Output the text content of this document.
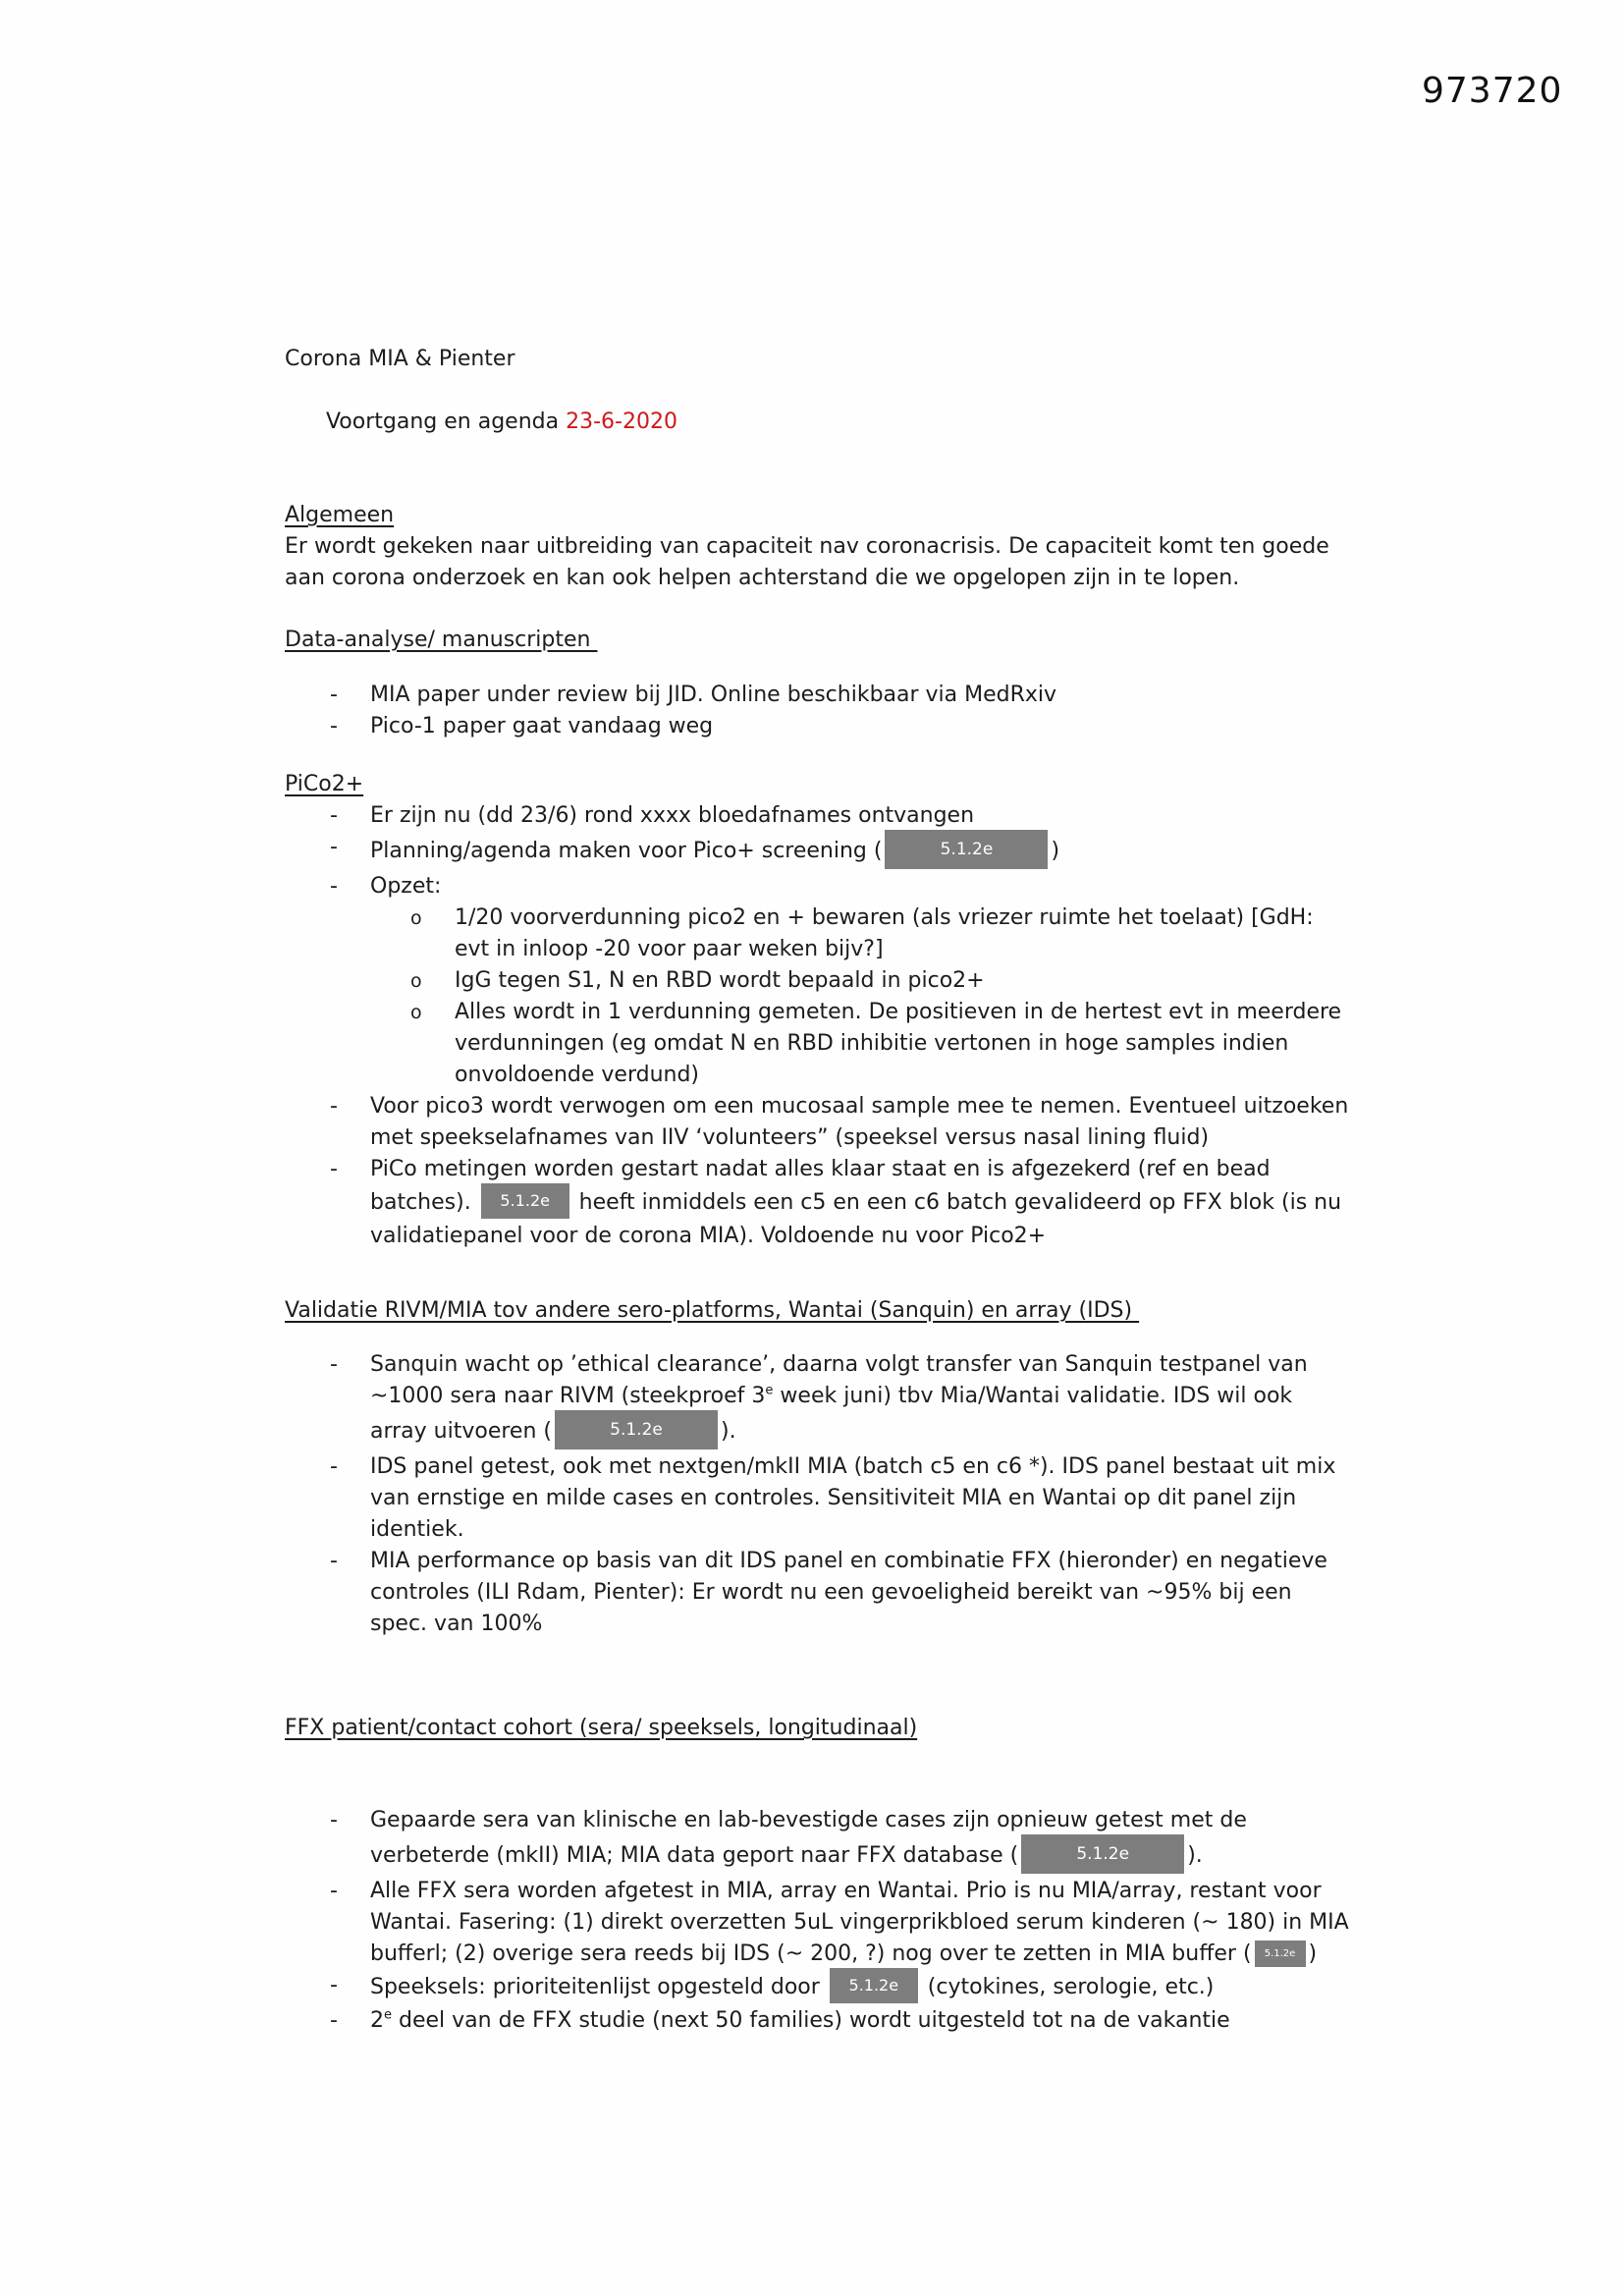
973720
Corona MIA & Pienter

Voortgang en agenda 23-6-2020

Algemeen
Er wordt gekeken naar uitbreiding van capaciteit nav coronacrisis. De capaciteit komt ten goede aan corona onderzoek en kan ook helpen achterstand die we opgelopen zijn in te lopen.
Data-analyse/ manuscripten
- MIA paper under review bij JID. Online beschikbaar via MedRxiv
- Pico-1 paper gaat vandaag weg
PiCo2+
- Er zijn nu (dd 23/6) rond xxxx bloedafnames ontvangen
- Planning/agenda maken voor Pico+ screening (	5.1.2e	)
- Opzet:
o 1/20 voorverdunning pico2 en + bewaren (als vriezer ruimte het toelaat) [GdH: evt in inloop -20 voor paar weken bijv?]
o IgG tegen S1, N en RBD wordt bepaald in pico2+
o Alles wordt in 1 verdunning gemeten. De positieven in de hertest evt in meerdere verdunningen (eg omdat N en RBD inhibitie vertonen in hoge samples indien onvoldoende verdund)
- Voor pico3 wordt verwogen om een mucosaal sample mee te nemen. Eventueel uitzoeken met speekselafnames van IIV ‘volunteers” (speeksel versus nasal lining fluid)
- PiCo metingen worden gestart nadat alles klaar staat en is afgezekerd (ref en bead batches). 5.1.2e heeft inmiddels een c5 en een c6 batch gevalideerd op FFX blok (is nu validatiepanel voor de corona MIA). Voldoende nu voor Pico2+
Validatie RIVM/MIA tov andere sero-platforms, Wantai (Sanquin) en array (IDS)
- Sanquin wacht op ’ethical clearance’, daarna volgt transfer van Sanquin testpanel van ~1000 sera naar RIVM (steekproef 3e week juni) tbv Mia/Wantai validatie. IDS wil ook array uitvoeren (	5.1.2e	).
- IDS panel getest, ook met nextgen/mkII MIA (batch c5 en c6 *). IDS panel bestaat uit mix van ernstige en milde cases en controles. Sensitiviteit MIA en Wantai op dit panel zijn identiek.
- MIA performance op basis van dit IDS panel en combinatie FFX (hieronder) en negatieve controles (ILI Rdam, Pienter): Er wordt nu een gevoeligheid bereikt van ~95% bij een spec. van 100%
FFX patient/contact cohort (sera/ speeksels, longitudinaal)
- Gepaarde sera van klinische en lab-bevestigde cases zijn opnieuw getest met de verbeterde (mkII) MIA; MIA data geport naar FFX database (	5.1.2e	).
- Alle FFX sera worden afgetest in MIA, array en Wantai. Prio is nu MIA/array, restant voor Wantai. Fasering: (1) direkt overzetten 5uL vingerprikbloed serum kinderen (~ 180) in MIA bufferl; (2) overige sera reeds bij IDS (~ 200, ?) nog over te zetten in MIA buffer ( 5.1.2e )
- Speeksels: prioriteitenlijst opgesteld door 5.1.2e (cytokines, serologie, etc.)
- 2e deel van de FFX studie (next 50 families) wordt uitgesteld tot na de vakantie
